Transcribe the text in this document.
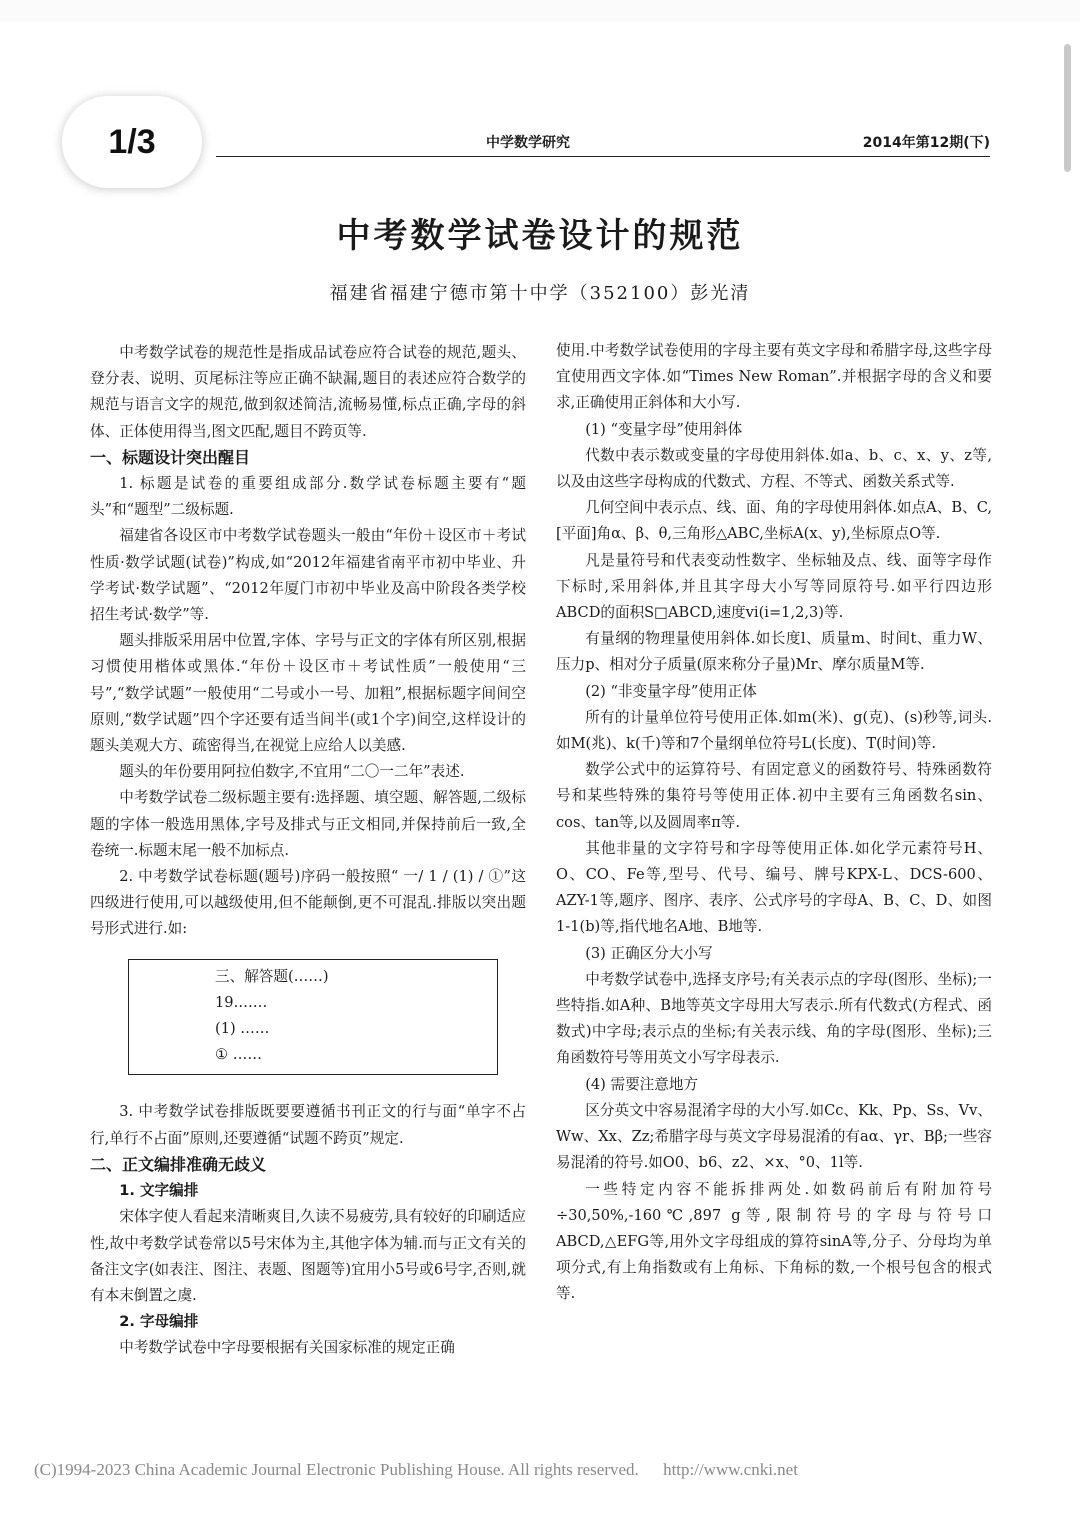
1/3	中学数学研究	2014年第12期(下)
中考数学试卷设计的规范
福建省福建宁德市第十中学（352100）彭光清

中考数学试卷的规范性是指成品试卷应符合试卷的规范,题头、登分表、说明、页尾标注等应正确不缺漏,题目的表述应符合数学的规范与语言文字的规范,做到叙述简洁,流畅易懂,标点正确,字母的斜体、正体使用得当,图文匹配,题目不跨页等.

一、标题设计突出醒目

1. 标题是试卷的重要组成部分.数学试卷标题主要有“题头”和“题型”二级标题.

福建省各设区市中考数学试卷题头一般由“年份＋设区市＋考试性质·数学试题(试卷)”构成,如“2012年福建省南平市初中毕业、升学考试·数学试题”、“2012年厦门市初中毕业及高中阶段各类学校招生考试·数学”等.

题头排版采用居中位置,字体、字号与正文的字体有所区别,根据习惯使用楷体或黑体.“年份＋设区市＋考试性质”一般使用“三号”,“数学试题”一般使用“二号或小一号、加粗”,根据标题字间间空原则,“数学试题”四个字还要有适当间半(或1个字)间空,这样设计的题头美观大方、疏密得当,在视觉上应给人以美感.

题头的年份要用阿拉伯数字,不宜用“二〇一二年”表述.

中考数学试卷二级标题主要有:选择题、填空题、解答题,二级标题的字体一般选用黑体,字号及排式与正文相同,并保持前后一致,全卷统一.标题末尾一般不加标点.

2. 中考数学试卷标题(题号)序码一般按照“ 一/ 1 / (1) / ①”这四级进行使用,可以越级使用,但不能颠倒,更不可混乱.排版以突出题号形式进行.如:

三、解答题(……)
19.……
(1) ……
① ……

3. 中考数学试卷排版既要要遵循书刊正文的行与面“单字不占行,单行不占面”原则,还要遵循“试题不跨页”规定.

二、正文编排准确无歧义
1. 文字编排

宋体字使人看起来清晰爽目,久读不易疲劳,具有较好的印刷适应性,故中考数学试卷常以5号宋体为主,其他字体为辅.而与正文有关的备注文字(如表注、图注、表题、图题等)宜用小5号或6号字,否则,就有本末倒置之虞.

2. 字母编排

中考数学试卷中字母要根据有关国家标准的规定正确

使用.中考数学试卷使用的字母主要有英文字母和希腊字母,这些字母宜使用西文字体.如“Times New Roman”.并根据字母的含义和要求,正确使用正斜体和大小写.

(1) “变量字母”使用斜体

代数中表示数或变量的字母使用斜体.如a、b、c、x、y、z等,以及由这些字母构成的代数式、方程、不等式、函数关系式等.

几何空间中表示点、线、面、角的字母使用斜体.如点A、B、C,[平面]角α、β、θ,三角形△ABC,坐标A(x、y),坐标原点O等.

凡是量符号和代表变动性数字、坐标轴及点、线、面等字母作下标时,采用斜体,并且其字母大小写等同原符号.如平行四边形ABCD的面积S□ABCD,速度vi(i=1,2,3)等.

有量纲的物理量使用斜体.如长度l、质量m、时间t、重力W、压力p、相对分子质量(原来称分子量)Mr、摩尔质量M等.

(2) “非变量字母”使用正体

所有的计量单位符号使用正体.如m(米)、g(克)、(s)秒等,词头.如M(兆)、k(千)等和7个量纲单位符号L(长度)、T(时间)等.

数学公式中的运算符号、有固定意义的函数符号、特殊函数符号和某些特殊的集符号等使用正体.初中主要有三角函数名sin、cos、tan等,以及圆周率π等.

其他非量的文字符号和字母等使用正体.如化学元素符号H、O、CO、Fe等,型号、代号、编号、牌号KPX-L、DCS-600、AZY-1等,题序、图序、表序、公式序号的字母A、B、C、D、如图1-1(b)等,指代地名A地、B地等.

(3) 正确区分大小写

中考数学试卷中,选择支序号;有关表示点的字母(图形、坐标);一些特指.如A种、B地等英文字母用大写表示.所有代数式(方程式、函数式)中字母;表示点的坐标;有关表示线、角的字母(图形、坐标);三角函数符号等用英文小写字母表示.

(4) 需要注意地方

区分英文中容易混淆字母的大小写.如Cc、Kk、Pp、Ss、Vv、Ww、Xx、Zz;希腊字母与英文字母易混淆的有aα、γr、Bβ;一些容易混淆的符号.如O0、b6、z2、×x、°0、1l等.

一些特定内容不能拆排两处.如数码前后有附加符号÷30,50%,-160℃,897 g等,限制符号的字母与符号口ABCD,△EFG等,用外文字母组成的算符sinA等,分子、分母均为单项分式,有上角指数或有上角标、下角标的数,一个根号包含的根式等.

(C)1994-2023 China Academic Journal Electronic Publishing House. All rights reserved. http://www.cnki.net
